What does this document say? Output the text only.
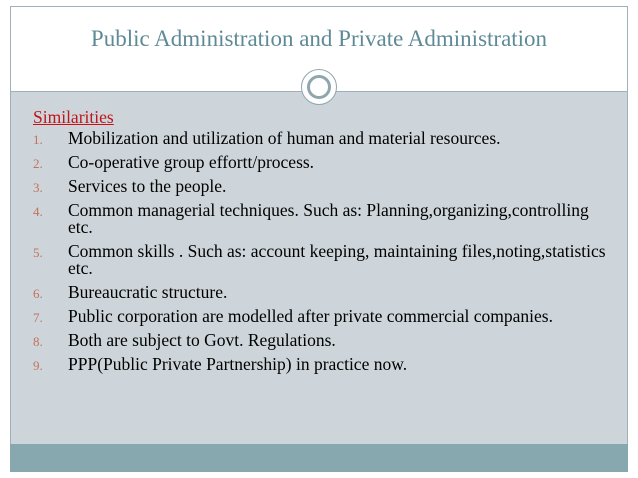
Public Administration and Private Administration
Similarities
1. Mobilization and utilization of human and material resources.
2. Co-operative group effortt/process.
3. Services to the people.
4. Common managerial techniques. Such as: Planning,organizing,controlling etc.
5. Common skills . Such as: account keeping, maintaining files,noting,statistics etc.
6. Bureaucratic structure.
7. Public corporation are modelled after private commercial companies.
8. Both are subject to Govt. Regulations.
9. PPP(Public Private Partnership) in practice now.
